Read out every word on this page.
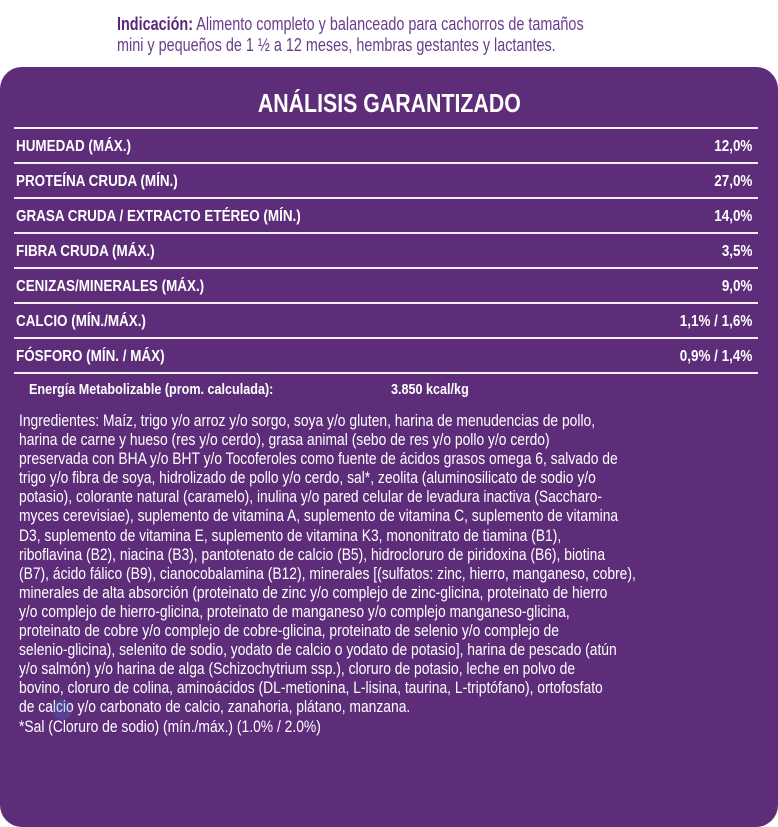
Indicación: Alimento completo y balanceado para cachorros de tamaños
mini y pequeños de 1 ½ a 12 meses, hembras gestantes y lactantes.
ANÁLISIS GARANTIZADO
HUMEDAD (MÁX.)	12,0%
PROTEÍNA CRUDA (MÍN.)	27,0%
GRASA CRUDA / EXTRACTO ETÉREO (MÍN.)	14,0%
FIBRA CRUDA (MÁX.)	3,5%
CENIZAS/MINERALES (MÁX.)	9,0%
CALCIO (MÍN./MÁX.)	1,1% / 1,6%
FÓSFORO (MÍN. / MÁX)	0,9% / 1,4%
Energía Metabolizable (prom. calculada):	3.850 kcal/kg
Ingredientes: Maíz, trigo y/o arroz y/o sorgo, soya y/o gluten, harina de menudencias de pollo,
harina de carne y hueso (res y/o cerdo), grasa animal (sebo de res y/o pollo y/o cerdo)
preservada con BHA y/o BHT y/o Tocoferoles como fuente de ácidos grasos omega 6, salvado de
trigo y/o fibra de soya, hidrolizado de pollo y/o cerdo, sal*, zeolita (aluminosilicato de sodio y/o
potasio), colorante natural (caramelo), inulina y/o pared celular de levadura inactiva (Saccharo-
myces cerevisiae), suplemento de vitamina A, suplemento de vitamina C, suplemento de vitamina
D3, suplemento de vitamina E, suplemento de vitamina K3, mononitrato de tiamina (B1),
riboflavina (B2), niacina (B3), pantotenato de calcio (B5), hidrocloruro de piridoxina (B6), biotina
(B7), ácido fálico (B9), cianocobalamina (B12), minerales [(sulfatos: zinc, hierro, manganeso, cobre),
minerales de alta absorción (proteinato de zinc y/o complejo de zinc-glicina, proteinato de hierro
y/o complejo de hierro-glicina, proteinato de manganeso y/o complejo manganeso-glicina,
proteinato de cobre y/o complejo de cobre-glicina, proteinato de selenio y/o complejo de
selenio-glicina), selenito de sodio, yodato de calcio o yodato de potasio], harina de pescado (atún
y/o salmón) y/o harina de alga (Schizochytrium ssp.), cloruro de potasio, leche en polvo de
bovino, cloruro de colina, aminoácidos (DL-metionina, L-lisina, taurina, L-triptófano), ortofosfato
de calcio y/o carbonato de calcio, zanahoria, plátano, manzana.
*Sal (Cloruro de sodio) (mín./máx.) (1.0% / 2.0%)
